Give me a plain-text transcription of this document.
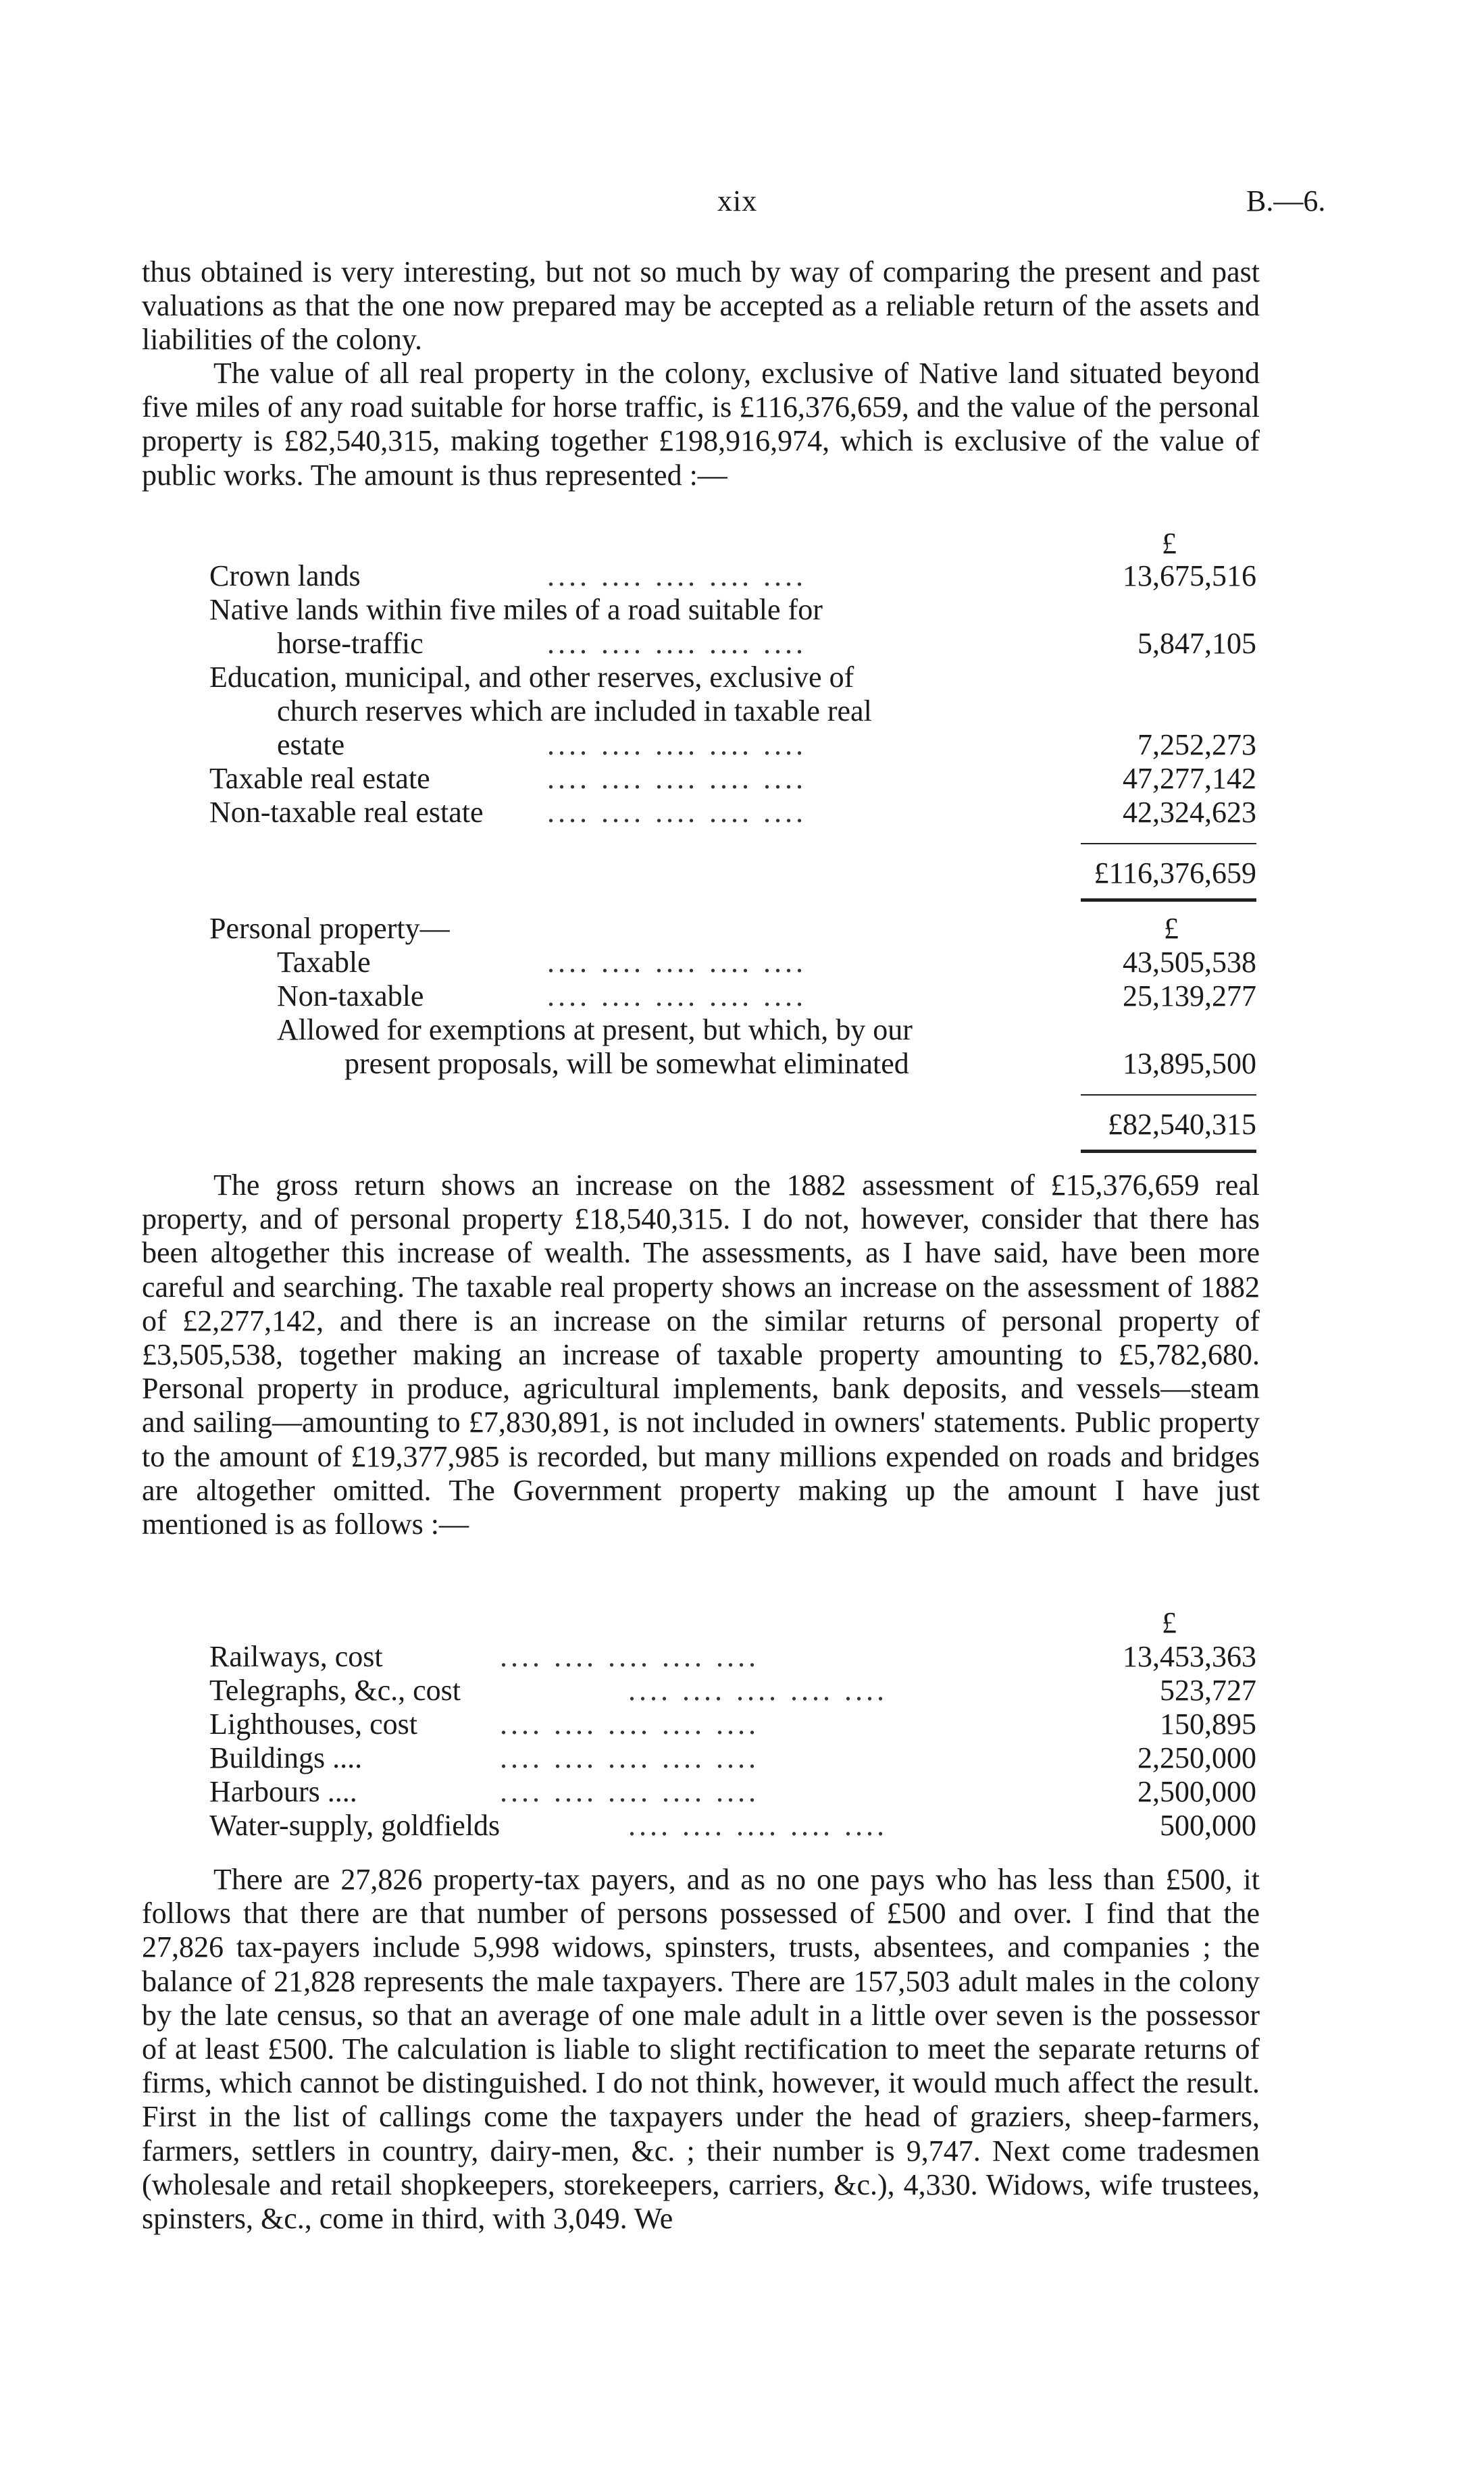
xix	B.—6.

thus obtained is very interesting, but not so much by way of comparing the present and past valuations as that the one now prepared may be accepted as a reliable return of the assets and liabilities of the colony.

The value of all real property in the colony, exclusive of Native land situated beyond five miles of any road suitable for horse traffic, is £116,376,659, and the value of the personal property is £82,540,315, making together £198,916,974, which is exclusive of the value of public works. The amount is thus represented :—

£
Crown lands	.... .... .... .... ....	13,675,516
Native lands within five miles of a road suitable for
horse-traffic	.... .... .... .... ....	5,847,105
Education, municipal, and other reserves, exclusive of
church reserves which are included in taxable real
estate	.... .... .... .... ....	7,252,273
Taxable real estate	.... .... .... .... ....	47,277,142
Non-taxable real estate .... .... .... .... ....	42,324,623
£116,376,659
Personal property—	£
Taxable	.... .... .... .... ....	43,505,538
Non-taxable	.... .... .... .... ....	25,139,277
Allowed for exemptions at present, but which, by our
present proposals, will be somewhat eliminated	13,895,500
£82,540,315

The gross return shows an increase on the 1882 assessment of £15,376,659 real property, and of personal property £18,540,315. I do not, however, consider that there has been altogether this increase of wealth. The assessments, as I have said, have been more careful and searching. The taxable real property shows an increase on the assessment of 1882 of £2,277,142, and there is an increase on the similar returns of personal property of £3,505,538, together making an increase of taxable property amounting to £5,782,680. Personal property in produce, agricultural implements, bank deposits, and vessels—steam and sailing—amounting to £7,830,891, is not included in owners' statements. Public property to the amount of £19,377,985 is recorded, but many millions expended on roads and bridges are altogether omitted. The Government property making up the amount I have just mentioned is as follows :—

£
Railways, cost	.... .... .... .... ....	13,453,363
Telegraphs, &c., cost	.... .... .... .... ....	523,727
Lighthouses, cost	.... .... .... .... ....	150,895
Buildings ....	.... .... .... .... ....	2,250,000
Harbours ....	.... .... .... .... ....	2,500,000
Water-supply, goldfields	.... .... .... .... ....	500,000

There are 27,826 property-tax payers, and as no one pays who has less than £500, it follows that there are that number of persons possessed of £500 and over. I find that the 27,826 tax-payers include 5,998 widows, spinsters, trusts, absentees, and companies ; the balance of 21,828 represents the male taxpayers. There are 157,503 adult males in the colony by the late census, so that an average of one male adult in a little over seven is the possessor of at least £500. The calculation is liable to slight rectification to meet the separate returns of firms, which cannot be distinguished. I do not think, however, it would much affect the result. First in the list of callings come the taxpayers under the head of graziers, sheep-farmers, farmers, settlers in country, dairy-men, &c. ; their number is 9,747. Next come tradesmen (wholesale and retail shopkeepers, storekeepers, carriers, &c.), 4,330. Widows, wife trustees, spinsters, &c., come in third, with 3,049. We
